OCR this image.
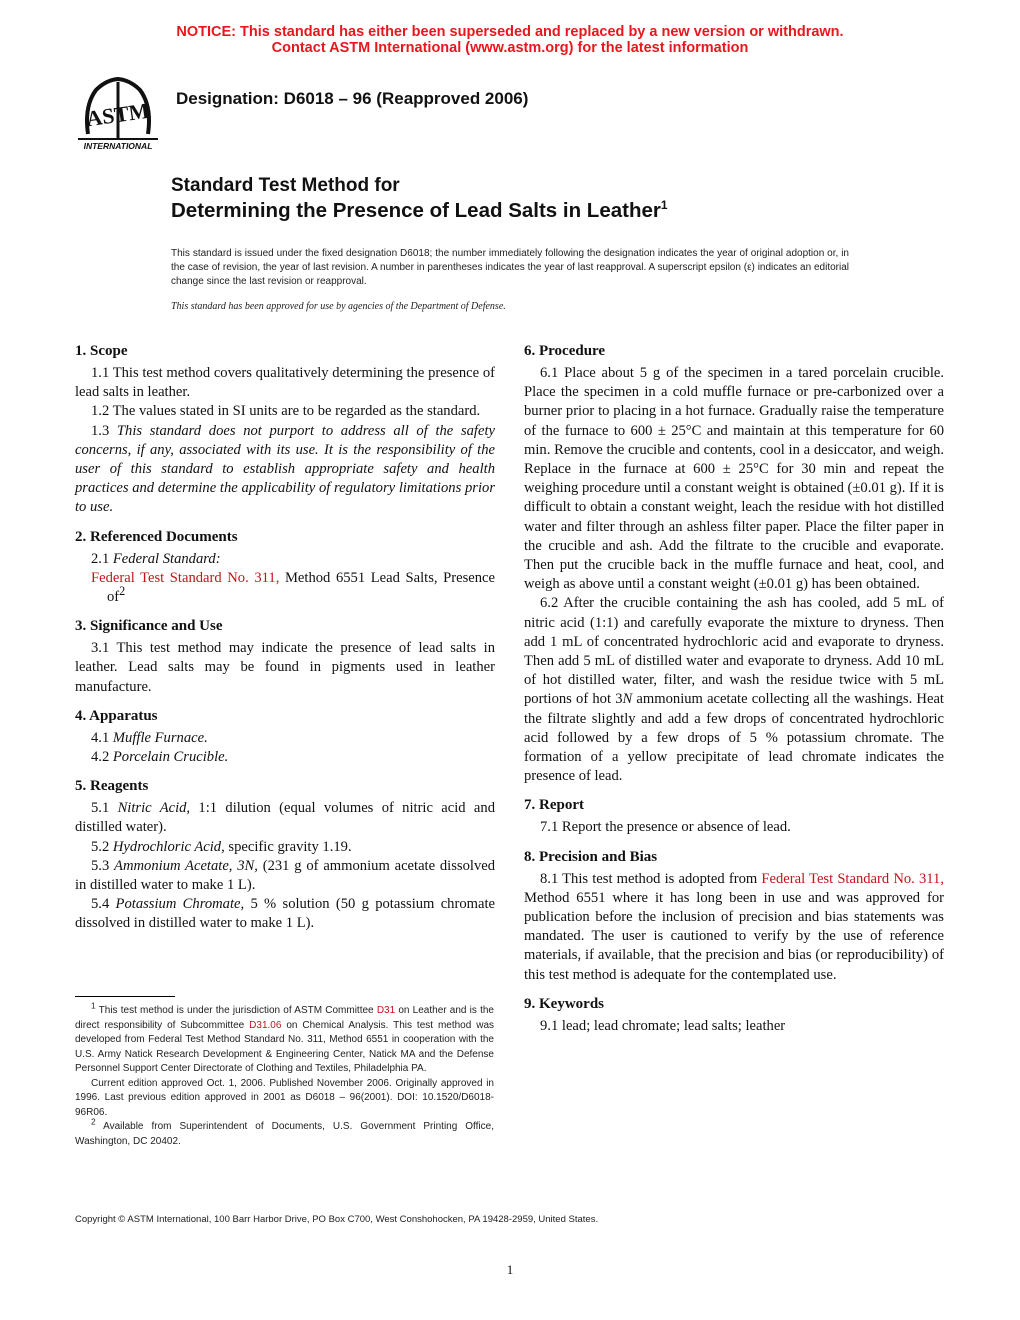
NOTICE: This standard has either been superseded and replaced by a new version or withdrawn.
Contact ASTM International (www.astm.org) for the latest information
ASTM
INTERNATIONAL
Designation: D6018 – 96 (Reapproved 2006)
Standard Test Method for
Determining the Presence of Lead Salts in Leather$^1$
This standard is issued under the fixed designation D6018; the number immediately following the designation indicates the year of original adoption or, in the case of revision, the year of last revision. A number in parentheses indicates the year of last reapproval. A superscript epsilon (ε) indicates an editorial change since the last revision or reapproval.
This standard has been approved for use by agencies of the Department of Defense.
1. Scope

1.1 This test method covers qualitatively determining the presence of lead salts in leather.

1.2 The values stated in SI units are to be regarded as the standard.

1.3 This standard does not purport to address all of the safety concerns, if any, associated with its use. It is the responsibility of the user of this standard to establish appropriate safety and health practices and determine the applicability of regulatory limitations prior to use.

2. Referenced Documents

2.1 Federal Standard:

Federal Test Standard No. 311, Method 6551 Lead Salts, Presence $of^2$

3. Significance and Use

3.1 This test method may indicate the presence of lead salts in leather. Lead salts may be found in pigments used in leather manufacture.

4. Apparatus

4.1 Muffle Furnace.

4.2 Porcelain Crucible.

5. Reagents

5.1 Nitric Acid, 1:1 dilution (equal volumes of nitric acid and distilled water).

5.2 Hydrochloric Acid, specific gravity 1.19.

5.3 Ammonium Acetate, 3N, (231 g of ammonium acetate dissolved in distilled water to make 1 L).

5.4 Potassium Chromate, 5 % solution (50 g potassium chromate dissolved in distilled water to make 1 L).

6. Procedure

6.1 Place about 5 g of the specimen in a tared porcelain crucible. Place the specimen in a cold muffle furnace or pre-carbonized over a burner prior to placing in a hot furnace. Gradually raise the temperature of the furnace to 600 ± 25°C and maintain at this temperature for 60 min. Remove the crucible and contents, cool in a desiccator, and weigh. Replace in the furnace at 600 ± 25°C for 30 min and repeat the weighing procedure until a constant weight is obtained (±0.01 g). If it is difficult to obtain a constant weight, leach the residue with hot distilled water and filter through an ashless filter paper. Place the filter paper in the crucible and ash. Add the filtrate to the crucible and evaporate. Then put the crucible back in the muffle furnace and heat, cool, and weigh as above until a constant weight (±0.01 g) has been obtained.

6.2 After the crucible containing the ash has cooled, add 5 mL of nitric acid (1:1) and carefully evaporate the mixture to dryness. Then add 1 mL of concentrated hydrochloric acid and evaporate to dryness. Then add 5 mL of distilled water and evaporate to dryness. Add 10 mL of hot distilled water, filter, and wash the residue twice with 5 mL portions of hot 3N ammonium acetate collecting all the washings. Heat the filtrate slightly and add a few drops of concentrated hydrochloric acid followed by a few drops of 5 % potassium chromate. The formation of a yellow precipitate of lead chromate indicates the presence of lead.

7. Report

7.1 Report the presence or absence of lead.

8. Precision and Bias

8.1 This test method is adopted from Federal Test Standard No. 311, Method 6551 where it has long been in use and was approved for publication before the inclusion of precision and bias statements was mandated. The user is cautioned to verify by the use of reference materials, if available, that the precision and bias (or reproducibility) of this test method is adequate for the contemplated use.

9. Keywords

9.1 lead; lead chromate; lead salts; leather

$^1$ This test method is under the jurisdiction of ASTM Committee D31 on Leather and is the direct responsibility of Subcommittee D31.06 on Chemical Analysis. This test method was developed from Federal Test Method Standard No. 311, Method 6551 in cooperation with the U.S. Army Natick Research Development & Engineering Center, Natick MA and the Defense Personnel Support Center Directorate of Clothing and Textiles, Philadelphia PA.

Current edition approved Oct. 1, 2006. Published November 2006. Originally approved in 1996. Last previous edition approved in 2001 as D6018 – 96(2001). DOI: 10.1520/D6018-96R06.

$^2$ Available from Superintendent of Documents, U.S. Government Printing Office, Washington, DC 20402.

Copyright © ASTM International, 100 Barr Harbor Drive, PO Box C700, West Conshohocken, PA 19428-2959, United States.
1
